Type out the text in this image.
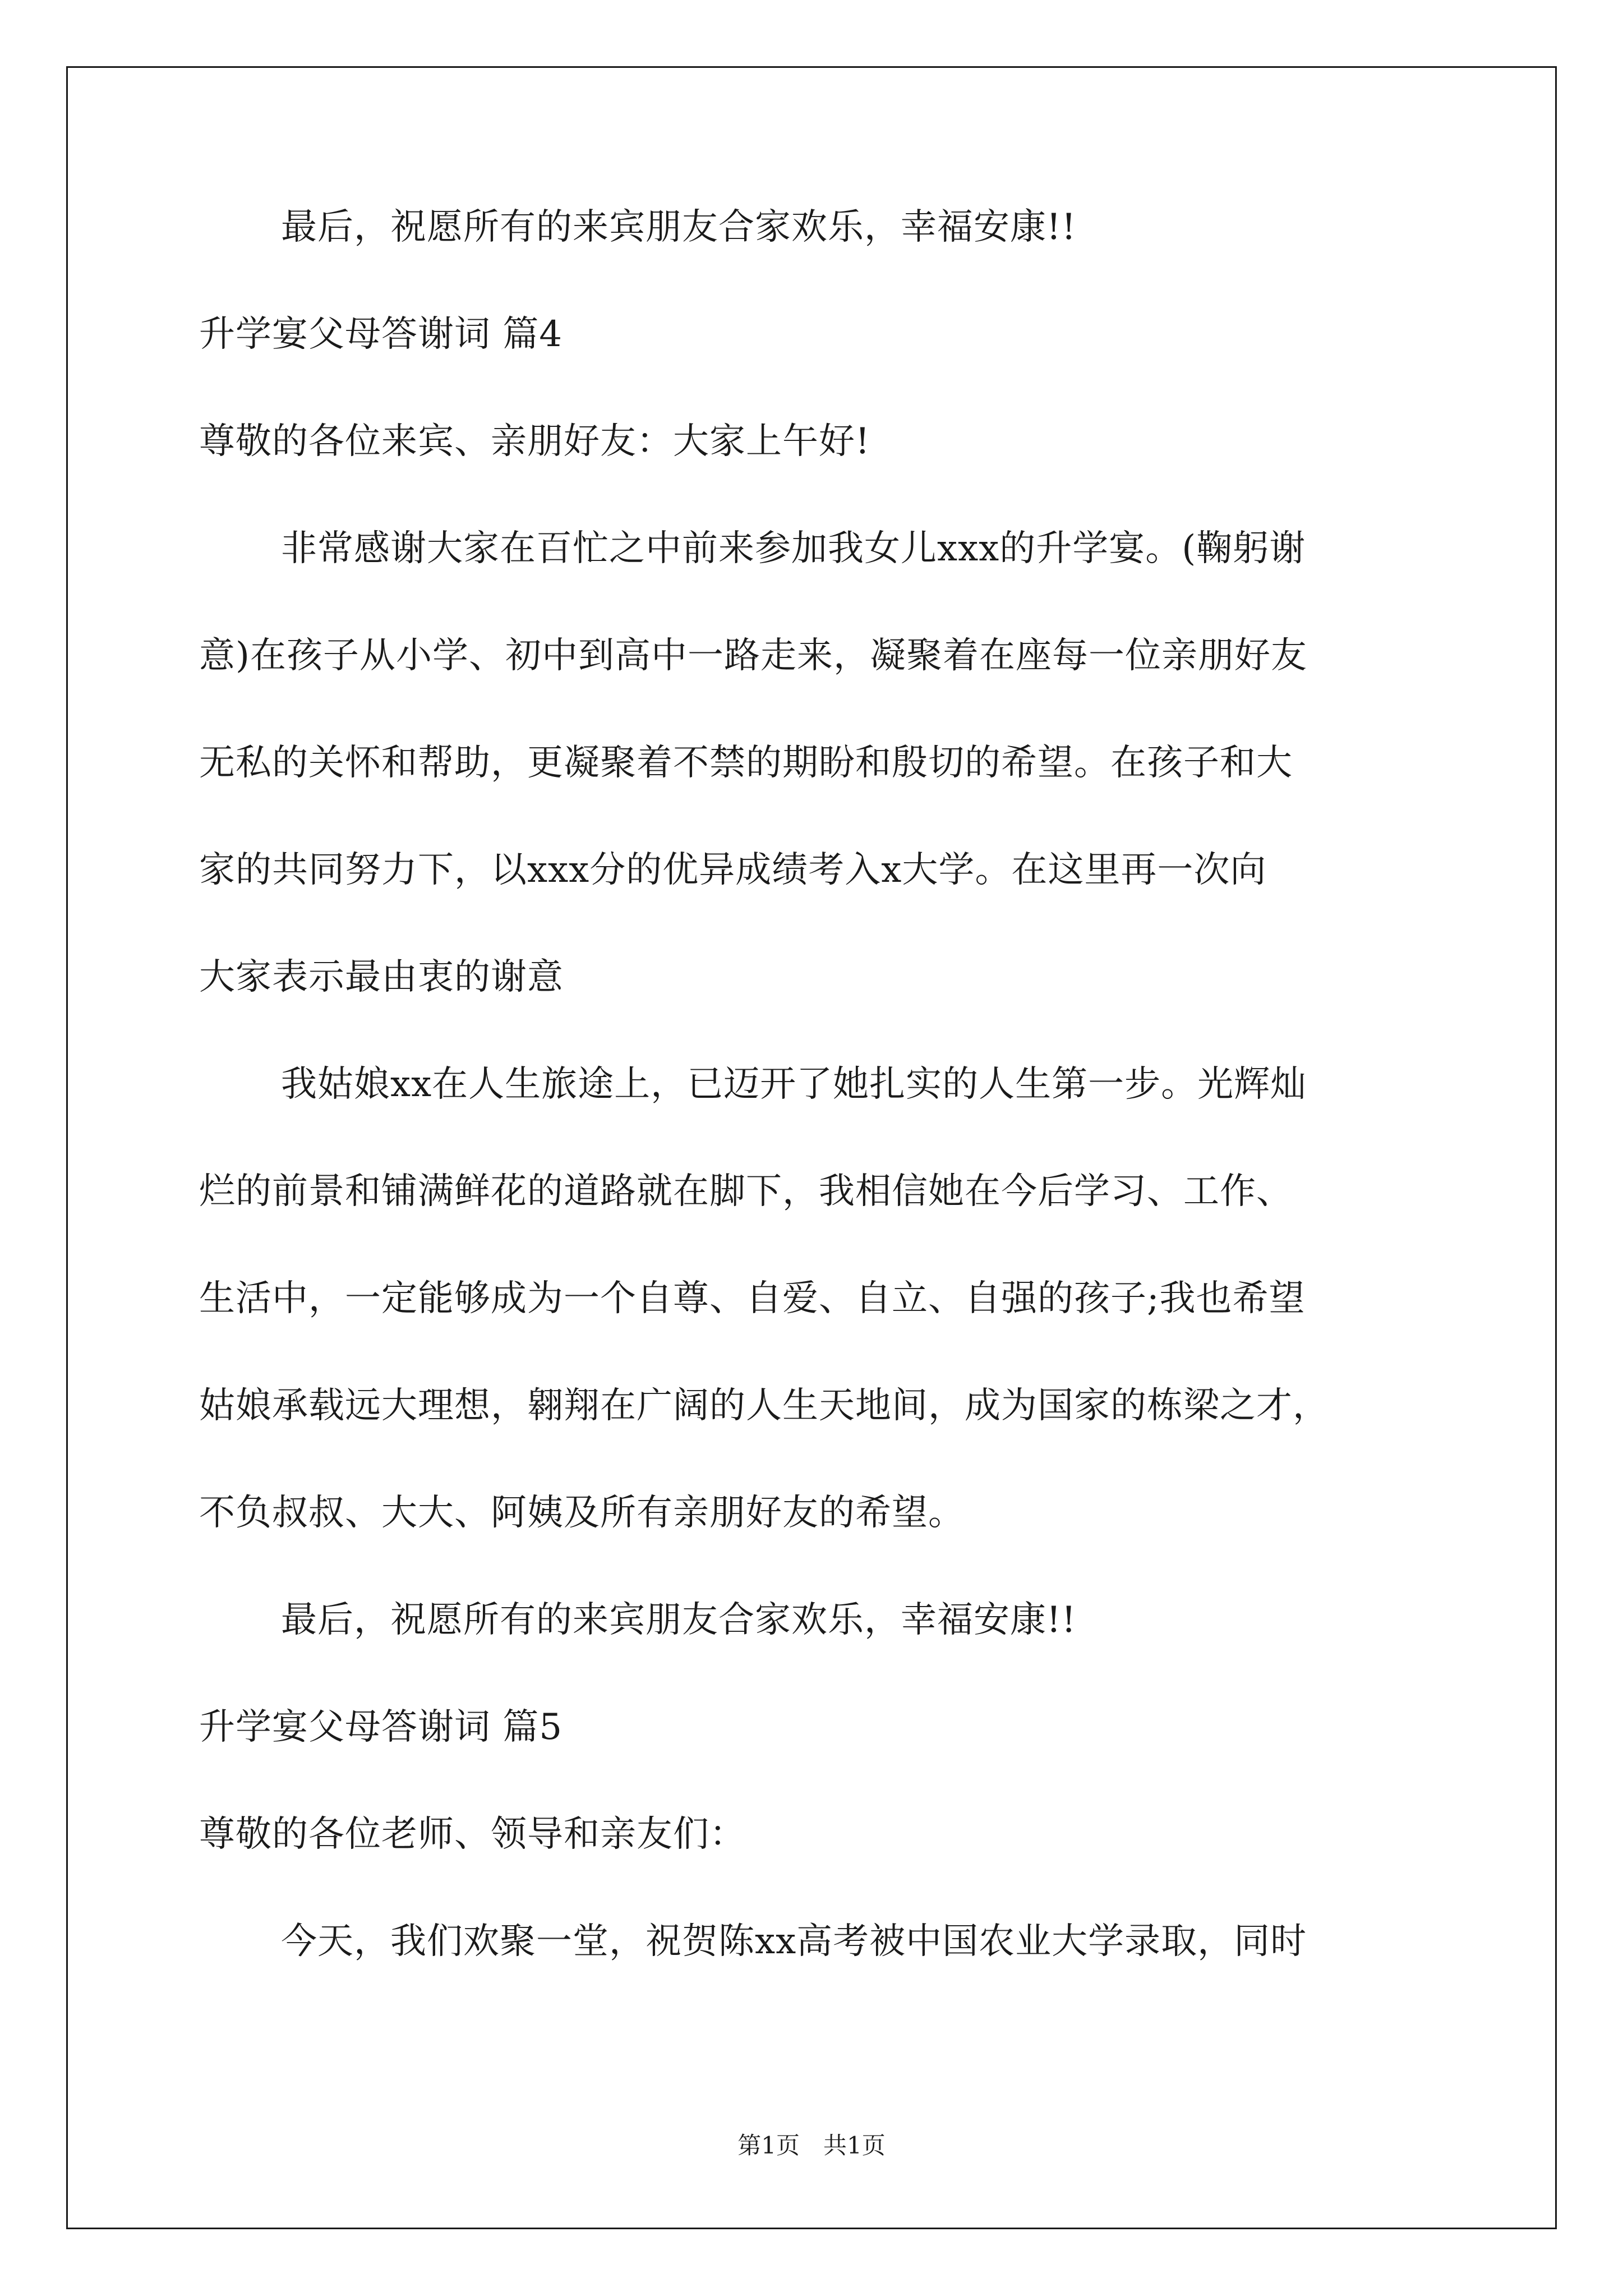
最后，祝愿所有的来宾朋友合家欢乐，幸福安康!!
升学宴父母答谢词 篇4
尊敬的各位来宾、亲朋好友：大家上午好!
非常感谢大家在百忙之中前来参加我女儿xxx的升学宴。(鞠躬谢
意)在孩子从小学、初中到高中一路走来，凝聚着在座每一位亲朋好友
无私的关怀和帮助，更凝聚着不禁的期盼和殷切的希望。在孩子和大
家的共同努力下，以xxx分的优异成绩考入x大学。在这里再一次向
大家表示最由衷的谢意
我姑娘xx在人生旅途上，已迈开了她扎实的人生第一步。光辉灿
烂的前景和铺满鲜花的道路就在脚下，我相信她在今后学习、工作、
生活中，一定能够成为一个自尊、自爱、自立、自强的孩子;我也希望
姑娘承载远大理想，翱翔在广阔的人生天地间，成为国家的栋梁之才，
不负叔叔、大大、阿姨及所有亲朋好友的希望。
最后，祝愿所有的来宾朋友合家欢乐，幸福安康!!
升学宴父母答谢词 篇5
尊敬的各位老师、领导和亲友们：
今天，我们欢聚一堂，祝贺陈xx高考被中国农业大学录取，同时
第1页　共1页
